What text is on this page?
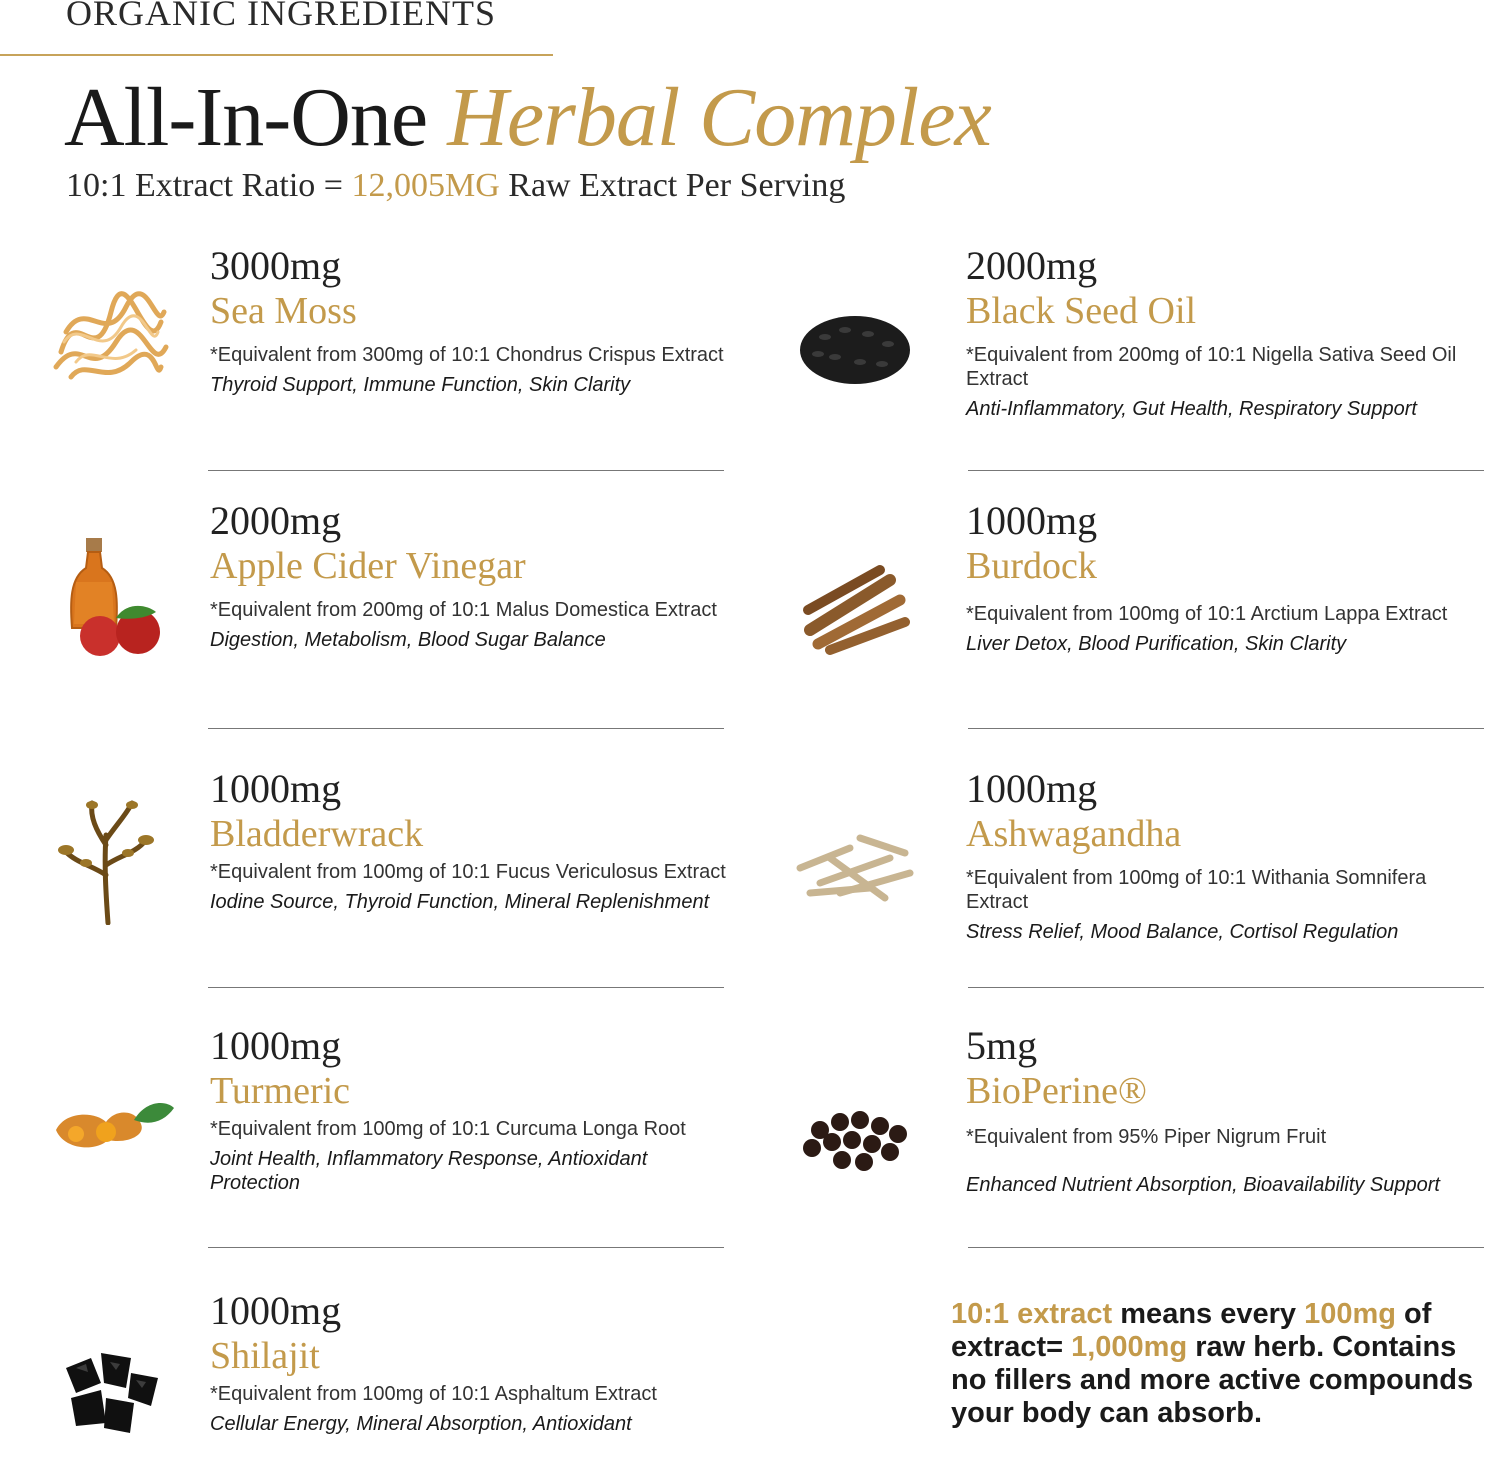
ORGANIC INGREDIENTS
All-In-One Herbal Complex
10:1 Extract Ratio = 12,005MG Raw Extract Per Serving
3000mg
Sea Moss
*Equivalent from 300mg of 10:1 Chondrus Crispus Extract
Thyroid Support, Immune Function, Skin Clarity
2000mg
Black Seed Oil
*Equivalent from 200mg of 10:1 Nigella Sativa Seed Oil Extract
Anti-Inflammatory, Gut Health, Respiratory Support
2000mg
Apple Cider Vinegar
*Equivalent from 200mg of 10:1 Malus Domestica Extract
Digestion, Metabolism, Blood Sugar Balance
1000mg
Burdock
*Equivalent from 100mg of 10:1 Arctium Lappa Extract
Liver Detox, Blood Purification, Skin Clarity
1000mg
Bladderwrack
*Equivalent from 100mg of 10:1 Fucus Vericulosus Extract
Iodine Source, Thyroid Function, Mineral Replenishment
1000mg
Ashwagandha
*Equivalent from 100mg of 10:1 Withania Somnifera Extract
Stress Relief, Mood Balance, Cortisol Regulation
1000mg
Turmeric
*Equivalent from 100mg of 10:1 Curcuma Longa Root
Joint Health, Inflammatory Response, Antioxidant Protection
5mg
BioPerine®
*Equivalent from 95% Piper Nigrum Fruit
Enhanced Nutrient Absorption, Bioavailability Support
1000mg
Shilajit
*Equivalent from 100mg of 10:1 Asphaltum Extract
Cellular Energy, Mineral Absorption, Antioxidant
10:1 extract means every 100mg of extract= 1,000mg raw herb. Contains no fillers and more active compounds your body can absorb.
